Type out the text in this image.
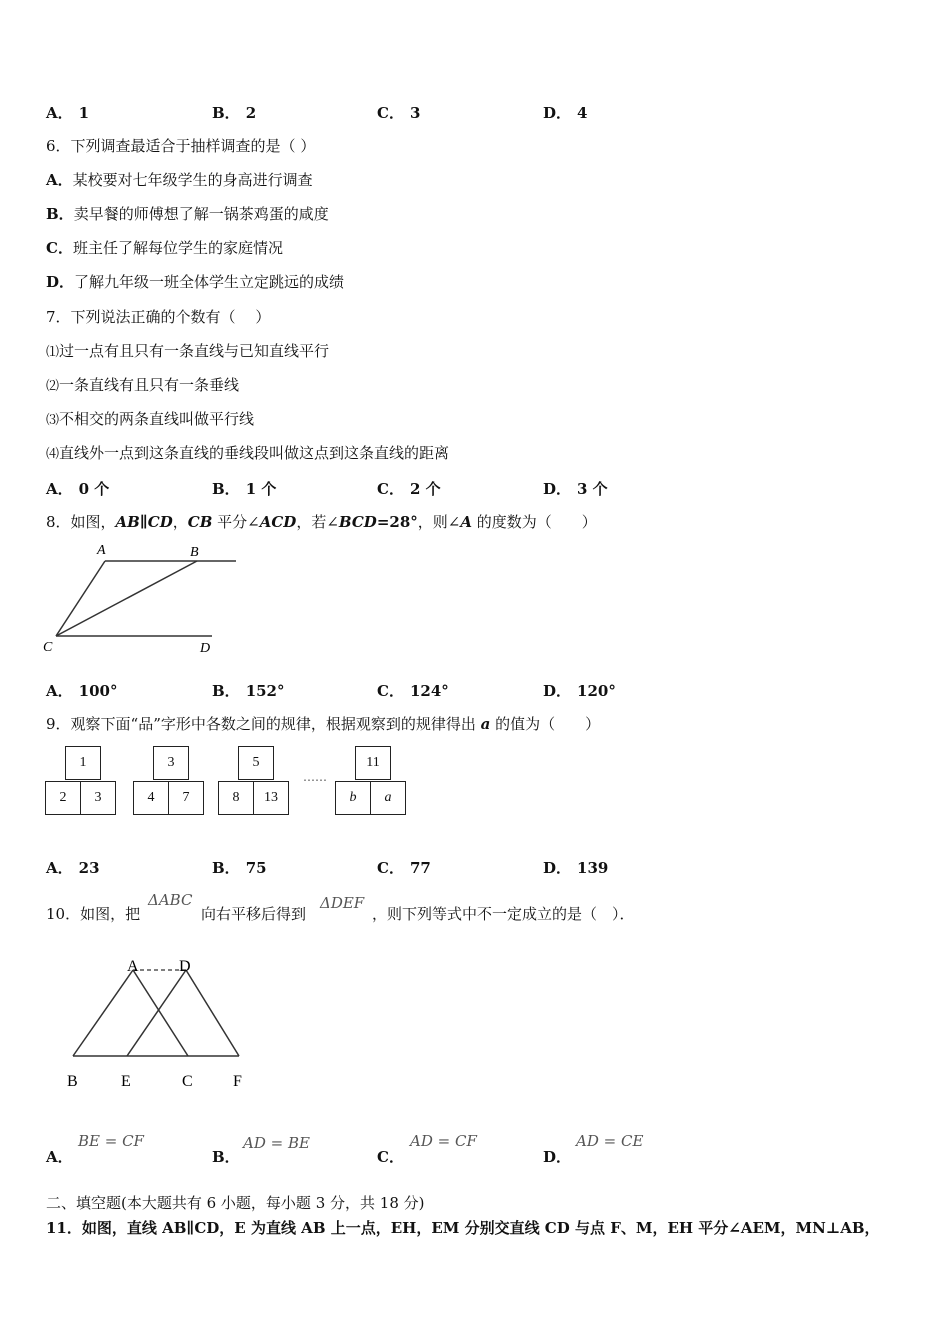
A． 1	B． 2	C． 3	D． 4
6．下列调查最适合于抽样调查的是（ ）
A．某校要对七年级学生的身高进行调查
B．卖早餐的师傅想了解一锅茶鸡蛋的咸度
C．班主任了解每位学生的家庭情况
D．了解九年级一班全体学生立定跳远的成绩
7．下列说法正确的个数有（　 ）
⑴过一点有且只有一条直线与已知直线平行
⑵一条直线有且只有一条垂线
⑶不相交的两条直线叫做平行线
⑷直线外一点到这条直线的垂线段叫做这点到这条直线的距离
A． 0 个	B． 1 个	C． 2 个	D． 3 个
8．如图，AB∥CD，CB 平分∠ACD，若∠BCD=28°，则∠A 的度数为（　　）
A	B
C	D
A． 100°	B． 152°	C． 124°	D． 120°
9．观察下面“品”字形中各数之间的规律，根据观察到的规律得出 a 的值为（　　）
1
2	3
3
4	7
5
8	13
……
11
b	a
A． 23	B． 75	C． 77	D． 139
10．如图，把
ΔABC
向右平移后得到
ΔDEF
，则下列等式中不一定成立的是（　）．
A	D
B	E	C	F
A．
BE = CF
B．
AD = BE
C．
AD = CF
D．
AD = CE
二、填空题(本大题共有 6 小题，每小题 3 分，共 18 分)
11．如图，直线 AB∥CD，E 为直线 AB 上一点，EH，EM 分别交直线 CD 与点 F、M，EH 平分∠AEM，MN⊥AB，
